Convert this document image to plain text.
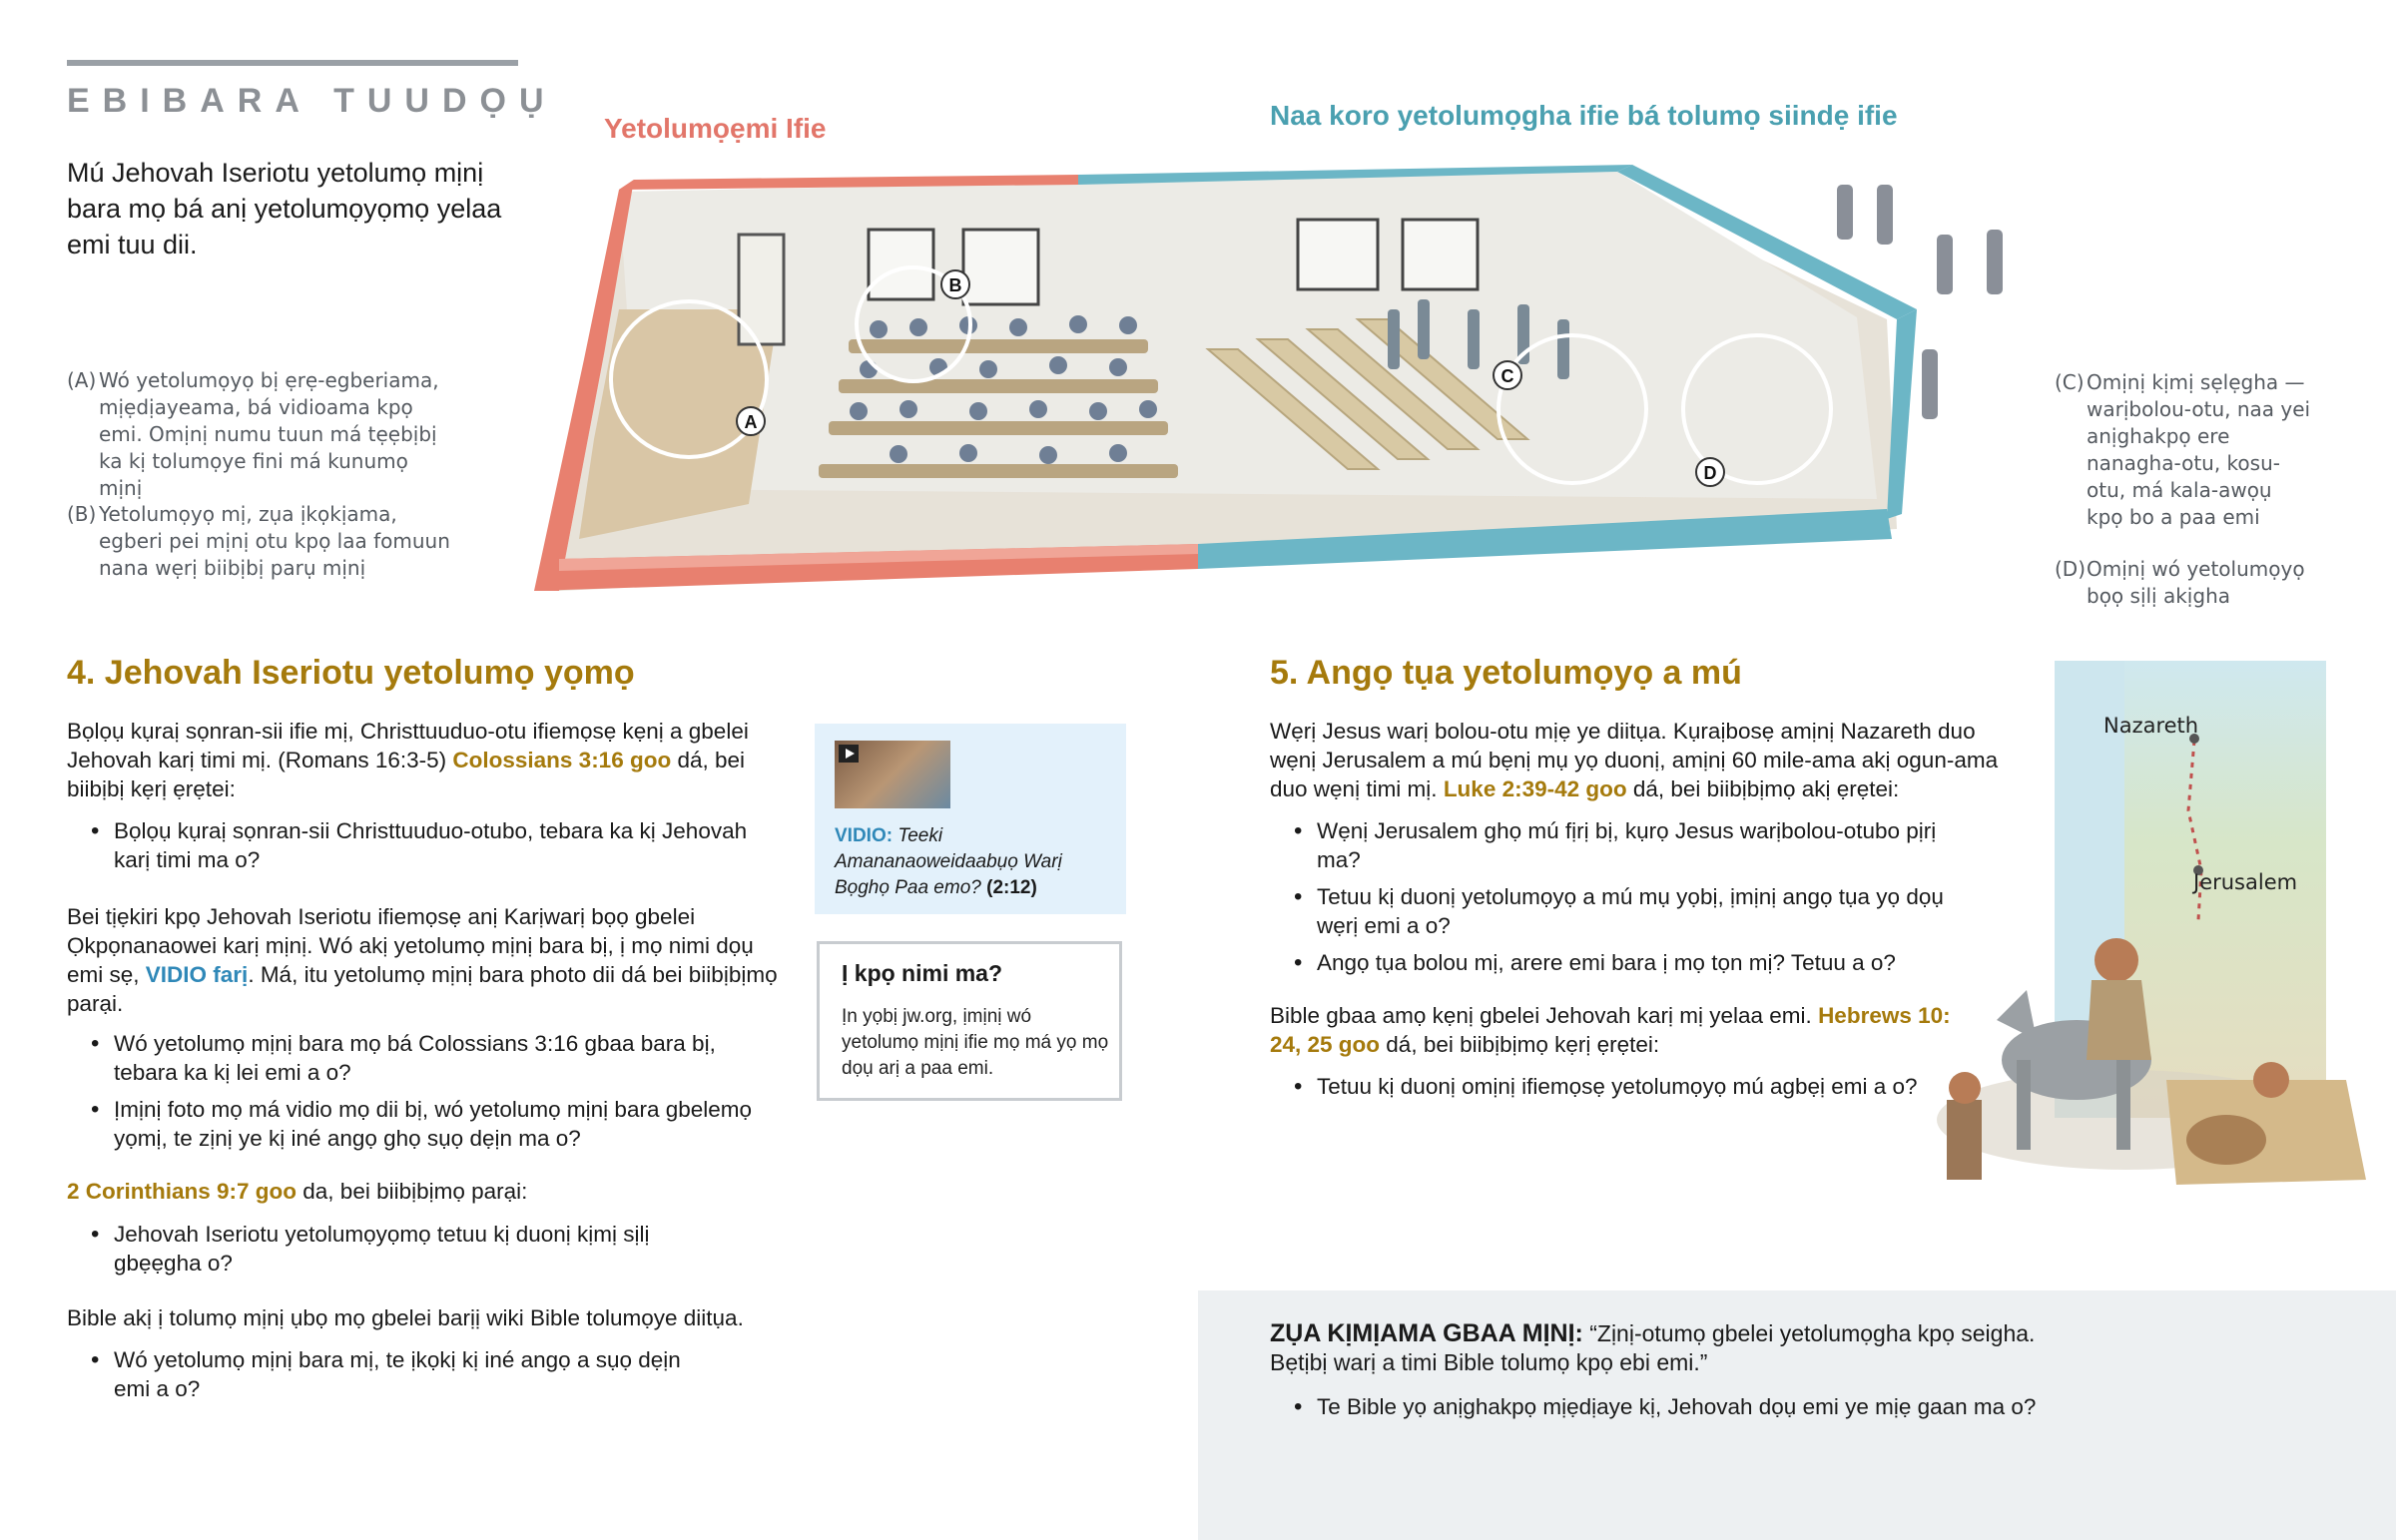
EBIBARA TUUDỌỤ
Mú Jehovah Iseriotu yetolumọ mịnị bara mọ bá anị yetolumọyọmọ yelaa emi tuu dii.
(A) Wó yetolumọyọ bị ẹrẹ-egberiama, mịẹdịayeama, bá vidioama kpọ emi. Omịnị numu tuun má tẹẹbịbị ka kị tolumọye fini má kunumọ mịnị
(B) Yetolumọyọ mị, zụa ịkọkịama, egberi pei mịnị otu kpọ laa fomuun nana wẹrị biibịbị parụ mịnị
(C) Omịnị kịmị sẹlẹgha —warịbolou-otu, naa yei anịghakpọ ere nanagha-otu, kosu-otu, má kala-awọụ kpọ bo a paa emi
(D) Omịnị wó yetolumọyọ bọọ sịlị akịgha
Yetolumọẹmi Ifie	Naa koro yetolumọgha ifie bá tolumọ siindẹ ifie
A
B
C
D
4. Jehovah Iseriotu yetolumọ yọmọ
Bọlọụ kụraị sọnran-sii ifie mị, Christtuuduo-otu ifiemọsẹ kẹnị a gbelei Jehovah karị timi mị. (Romans 16:3-5) Colossians 3:16 goo dá, bei biibịbị kẹrị ẹrẹtei:
• Bọlọụ kụraị sọnran-sii Christtuuduo-otubo, tebara ka kị Jehovah karị timi ma o?
Bei tịẹkiri kpọ Jehovah Iseriotu ifiemọsẹ anị Karịwarị bọọ gbelei Ọkpọnanaowei karị mịnị. Wó akị yetolumọ mịnị bara bị, ị mọ nimi dọụ emi sẹ, VIDIO farị. Má, itu yetolumọ mịnị bara photo dii dá bei biibịbịmọ parại.
• Wó yetolumọ mịnị bara mọ bá Colossians 3:16 gbaa bara bị, tebara ka kị lei emi a o?
• Ịmịnị foto mọ má vidio mọ dii bị, wó yetolumọ mịnị bara gbelemọ yọmị, te zịnị ye kị iné angọ ghọ sụọ dẹịn ma o?
2 Corinthians 9:7 goo da, bei biibịbịmọ parại:
• Jehovah Iseriotu yetolumọyọmọ tetuu kị duonị kịmị sịlị gbẹẹgha o?
Bible akị ị tolumọ mịnị ụbọ mọ gbelei barịị wiki Bible tolumọye diitụa.
• Wó yetolumọ mịnị bara mị, te ịkọkị kị iné angọ a sụọ dẹịn emi a o?
VIDIO: Teeki Amananaoweidaabụọ Warị Bọghọ Paa emo? (2:12)
Ị kpọ nimi ma?
Ịn yọbị jw.org, ịmịnị wó yetolumọ mịnị ifie mọ má yọ mọ dọụ arị a paa emi.
5. Angọ tụa yetolumọyọ a mú
Wẹrị Jesus warị bolou-otu mịẹ ye diitụa. Kụraịbosẹ amịnị Nazareth duo wẹnị Jerusalem a mú bẹnị mụ yọ duonị, amịnị 60 mile-ama akị ogun-ama duo wẹnị timi mị. Luke 2:39-42 goo dá, bei biibịbịmọ akị ẹrẹtei:
• Wẹnị Jerusalem ghọ mú fịrị bị, kụrọ Jesus warịbolou-otubo pịrị ma?
• Tetuu kị duonị yetolumọyọ a mú mụ yọbị, ịmịnị angọ tụa yọ dọụ wẹrị emi a o?
• Angọ tụa bolou mị, arere emi bara ị mọ tọn mị? Tetuu a o?
Bible gbaa amọ kẹnị gbelei Jehovah karị mị yelaa emi. Hebrews 10: 24, 25 goo dá, bei biibịbịmọ kẹrị ẹrẹtei:
• Tetuu kị duonị omịnị ifiemọsẹ yetolumọyọ mú agbẹị emi a o?
Nazareth
Jerusalem
ZỤA KỊMỊAMA GBAA MỊNỊ: “Zịnị-otumọ gbelei yetolumọgha kpọ seigha. Bẹtịbị warị a timi Bible tolumọ kpọ ebi emi.”
• Te Bible yọ anịghakpọ mịẹdịaye kị, Jehovah dọụ emi ye mịẹ gaan ma o?
